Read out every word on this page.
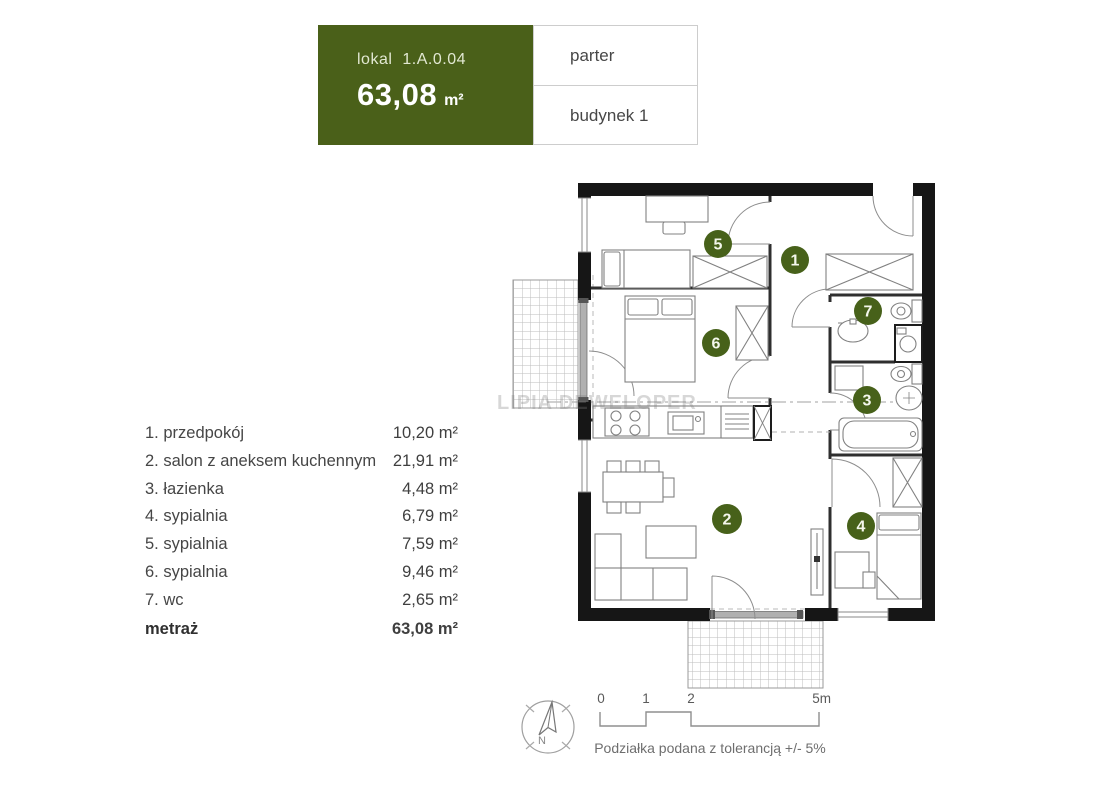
lokal 1.A.0.04
63,08 m²
parter
budynek 1
1. przedpokój	10,20 m²
2. salon z aneksem kuchennym 21,91 m²
3. łazienka	4,48 m²
4. sypialnia	6,79 m²
5. sypialnia	7,59 m²
6. sypialnia	9,46 m²
7. wc	2,65 m²
metraż	63,08 m²
1
2
3
4
5
6
7
LIPIA DEWELOPER
N
0	1	2	5m
Podziałka podana z tolerancją +/- 5%
